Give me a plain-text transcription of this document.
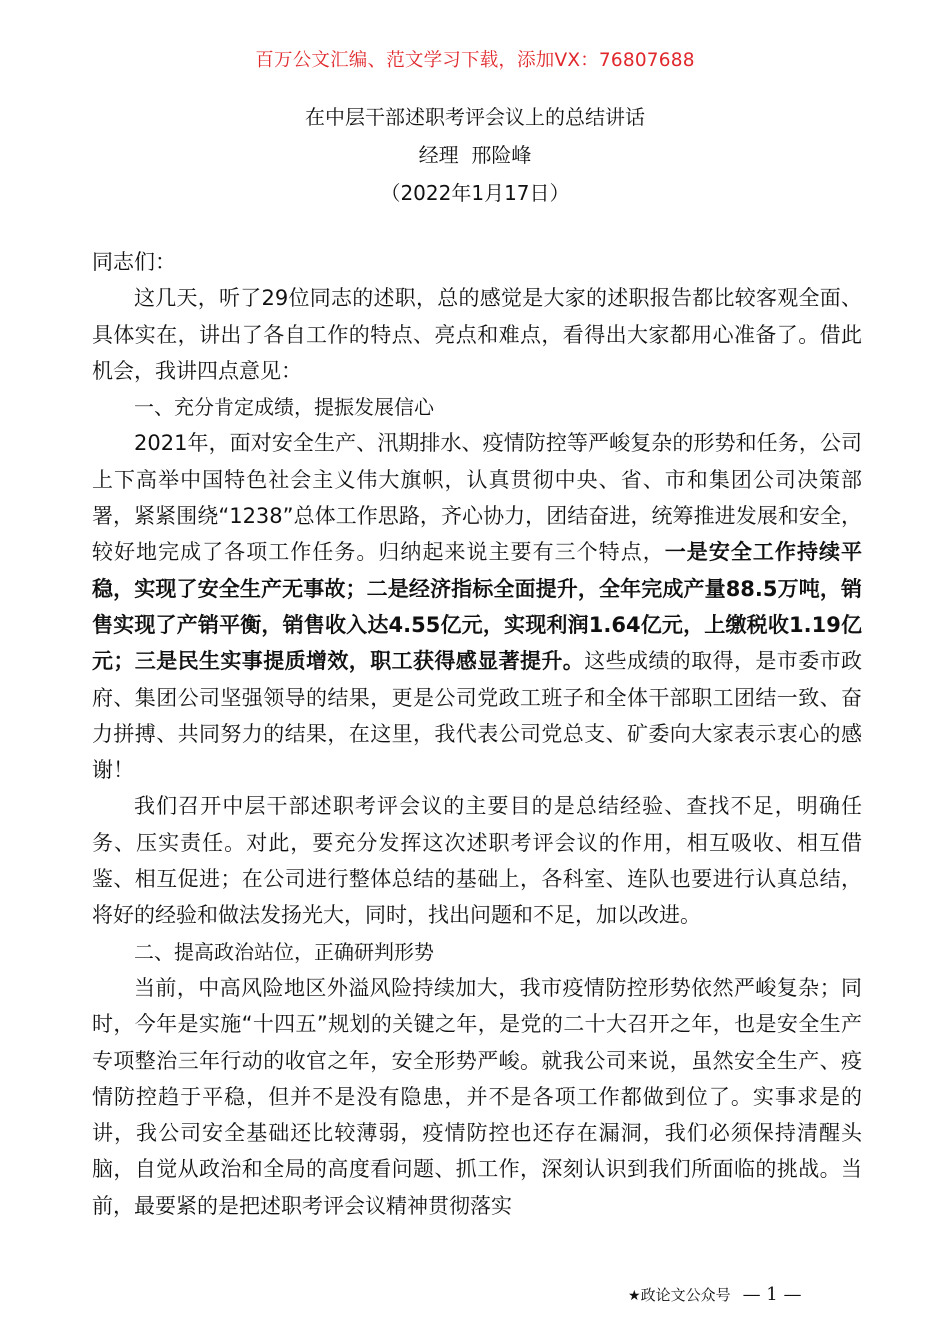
百万公文汇编、范文学习下载，添加VX：76807688
在中层干部述职考评会议上的总结讲话
经理  邢险峰
（2022年1月17日）

同志们：

这几天，听了29位同志的述职，总的感觉是大家的述职报告都比较客观全面、具体实在，讲出了各自工作的特点、亮点和难点，看得出大家都用心准备了。借此机会，我讲四点意见：

一、充分肯定成绩，提振发展信心

2021年，面对安全生产、汛期排水、疫情防控等严峻复杂的形势和任务，公司上下高举中国特色社会主义伟大旗帜，认真贯彻中央、省、市和集团公司决策部署，紧紧围绕“1238”总体工作思路，齐心协力，团结奋进，统筹推进发展和安全，较好地完成了各项工作任务。归纳起来说主要有三个特点，一是安全工作持续平稳，实现了安全生产无事故；二是经济指标全面提升，全年完成产量88.5万吨，销售实现了产销平衡，销售收入达4.55亿元，实现利润1.64亿元，上缴税收1.19亿元；三是民生实事提质增效，职工获得感显著提升。这些成绩的取得，是市委市政府、集团公司坚强领导的结果，更是公司党政工班子和全体干部职工团结一致、奋力拼搏、共同努力的结果，在这里，我代表公司党总支、矿委向大家表示衷心的感谢！

我们召开中层干部述职考评会议的主要目的是总结经验、查找不足，明确任务、压实责任。对此，要充分发挥这次述职考评会议的作用，相互吸收、相互借鉴、相互促进；在公司进行整体总结的基础上，各科室、连队也要进行认真总结，将好的经验和做法发扬光大，同时，找出问题和不足，加以改进。

二、提高政治站位，正确研判形势

当前，中高风险地区外溢风险持续加大，我市疫情防控形势依然严峻复杂；同时，今年是实施“十四五”规划的关键之年，是党的二十大召开之年，也是安全生产专项整治三年行动的收官之年，安全形势严峻。就我公司来说，虽然安全生产、疫情防控趋于平稳，但并不是没有隐患，并不是各项工作都做到位了。实事求是的讲，我公司安全基础还比较薄弱，疫情防控也还存在漏洞，我们必须保持清醒头脑，自觉从政治和全局的高度看问题、抓工作，深刻认识到我们所面临的挑战。当前，最要紧的是把述职考评会议精神贯彻落实

★政论文公众号 — 1 —
